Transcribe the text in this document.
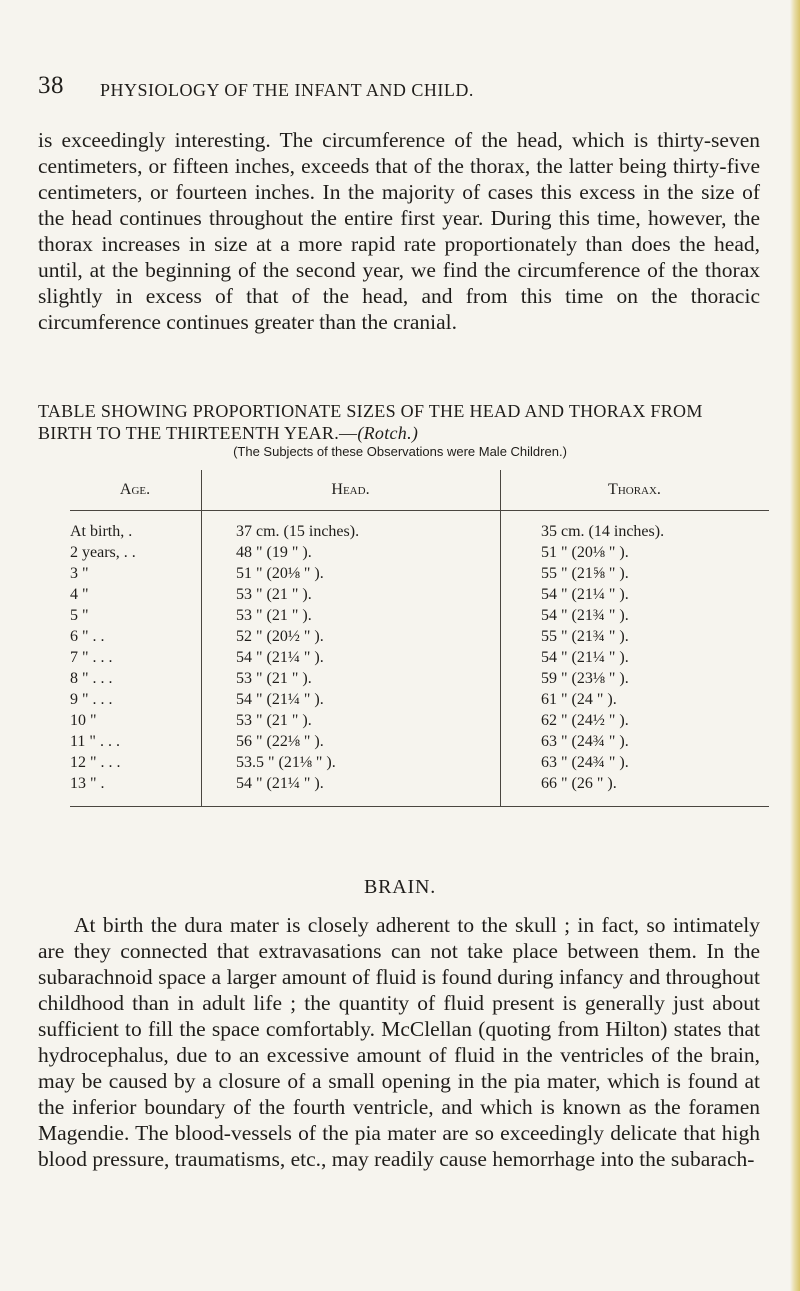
38 PHYSIOLOGY OF THE INFANT AND CHILD.

is exceedingly interesting. The circumference of the head, which is thirty-seven centimeters, or fifteen inches, exceeds that of the thorax, the latter being thirty-five centimeters, or fourteen inches. In the majority of cases this excess in the size of the head continues throughout the entire first year. During this time, however, the thorax increases in size at a more rapid rate proportionately than does the head, until, at the beginning of the second year, we find the circumference of the thorax slightly in excess of that of the head, and from this time on the thoracic circumference continues greater than the cranial.

TABLE SHOWING PROPORTIONATE SIZES OF THE HEAD AND THORAX FROM BIRTH TO THE THIRTEENTH YEAR.—(Rotch.)

(The Subjects of these Observations were Male Children.)
Age.	Head.	Thorax.
At birth, .	37 cm. (15 inches).	35 cm. (14 inches).
2 years, . .	48 " (19 " ).	51 " (20⅛ " ).
3 "	51 " (20⅛ " ).	55 " (21⅝ " ).
4 "	53 " (21 " ).	54 " (21¼ " ).
5 "	53 " (21 " ).	54 " (21¾ " ).
6 " . .	52 " (20½ " ).	55 " (21¾ " ).
7 " . . .	54 " (21¼ " ).	54 " (21¼ " ).
8 " . . .	53 " (21 " ).	59 " (23⅛ " ).
9 " . . .	54 " (21¼ " ).	61 " (24 " ).
10 "	53 " (21 " ).	62 " (24½ " ).
11 " . . .	56 " (22⅛ " ).	63 " (24¾ " ).
12 " . . .	53.5 " (21⅛ " ).	63 " (24¾ " ).
13 " .	54 " (21¼ " ).	66 " (26 " ).
BRAIN.

At birth the dura mater is closely adherent to the skull ; in fact, so intimately are they connected that extravasations can not take place between them. In the subarachnoid space a larger amount of fluid is found during infancy and throughout childhood than in adult life ; the quantity of fluid present is generally just about sufficient to fill the space comfortably. McClellan (quoting from Hilton) states that hydrocephalus, due to an excessive amount of fluid in the ventricles of the brain, may be caused by a closure of a small opening in the pia mater, which is found at the inferior boundary of the fourth ventricle, and which is known as the foramen Magendie. The blood-vessels of the pia mater are so exceedingly delicate that high blood pressure, traumatisms, etc., may readily cause hemorrhage into the subarach-
